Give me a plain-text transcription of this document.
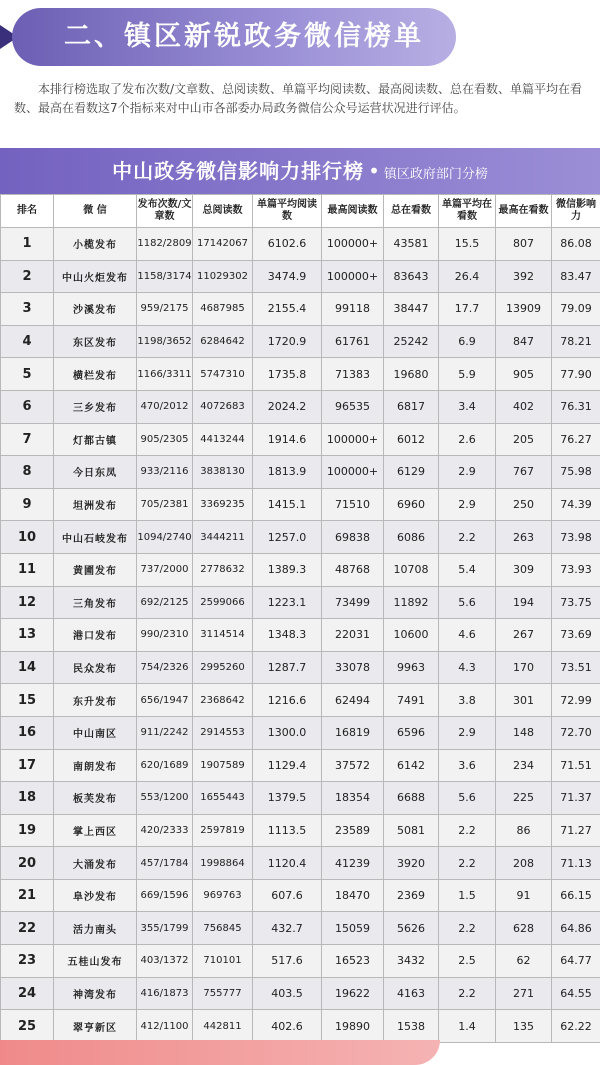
二、镇区新锐政务微信榜单

本排行榜选取了发布次数/文章数、总阅读数、单篇平均阅读数、最高阅读数、总在看数、单篇平均在看数、最高在看数这7个指标来对中山市各部委办局政务微信公众号运营状况进行评估。

中山政务微信影响力排行榜 • 镇区政府部门分榜
排名	微 信	发布次数/文章数	总阅读数	单篇平均阅读数	最高阅读数	总在看数	单篇平均在看数	最高在看数	微信影响力
1	小榄发布	1182/2809	17142067	6102.6	100000+	43581	15.5	807	86.08
2	中山火炬发布	1158/3174	11029302	3474.9	100000+	83643	26.4	392	83.47
3	沙溪发布	959/2175	4687985	2155.4	99118	38447	17.7	13909	79.09
4	东区发布	1198/3652	6284642	1720.9	61761	25242	6.9	847	78.21
5	横栏发布	1166/3311	5747310	1735.8	71383	19680	5.9	905	77.90
6	三乡发布	470/2012	4072683	2024.2	96535	6817	3.4	402	76.31
7	灯都古镇	905/2305	4413244	1914.6	100000+	6012	2.6	205	76.27
8	今日东凤	933/2116	3838130	1813.9	100000+	6129	2.9	767	75.98
9	坦洲发布	705/2381	3369235	1415.1	71510	6960	2.9	250	74.39
10	中山石岐发布	1094/2740	3444211	1257.0	69838	6086	2.2	263	73.98
11	黄圃发布	737/2000	2778632	1389.3	48768	10708	5.4	309	73.93
12	三角发布	692/2125	2599066	1223.1	73499	11892	5.6	194	73.75
13	港口发布	990/2310	3114514	1348.3	22031	10600	4.6	267	73.69
14	民众发布	754/2326	2995260	1287.7	33078	9963	4.3	170	73.51
15	东升发布	656/1947	2368642	1216.6	62494	7491	3.8	301	72.99
16	中山南区	911/2242	2914553	1300.0	16819	6596	2.9	148	72.70
17	南朗发布	620/1689	1907589	1129.4	37572	6142	3.6	234	71.51
18	板芙发布	553/1200	1655443	1379.5	18354	6688	5.6	225	71.37
19	掌上西区	420/2333	2597819	1113.5	23589	5081	2.2	86	71.27
20	大涌发布	457/1784	1998864	1120.4	41239	3920	2.2	208	71.13
21	阜沙发布	669/1596	969763	607.6	18470	2369	1.5	91	66.15
22	活力南头	355/1799	756845	432.7	15059	5626	2.2	628	64.86
23	五桂山发布	403/1372	710101	517.6	16523	3432	2.5	62	64.77
24	神湾发布	416/1873	755777	403.5	19622	4163	2.2	271	64.55
25	翠亨新区	412/1100	442811	402.6	19890	1538	1.4	135	62.22
